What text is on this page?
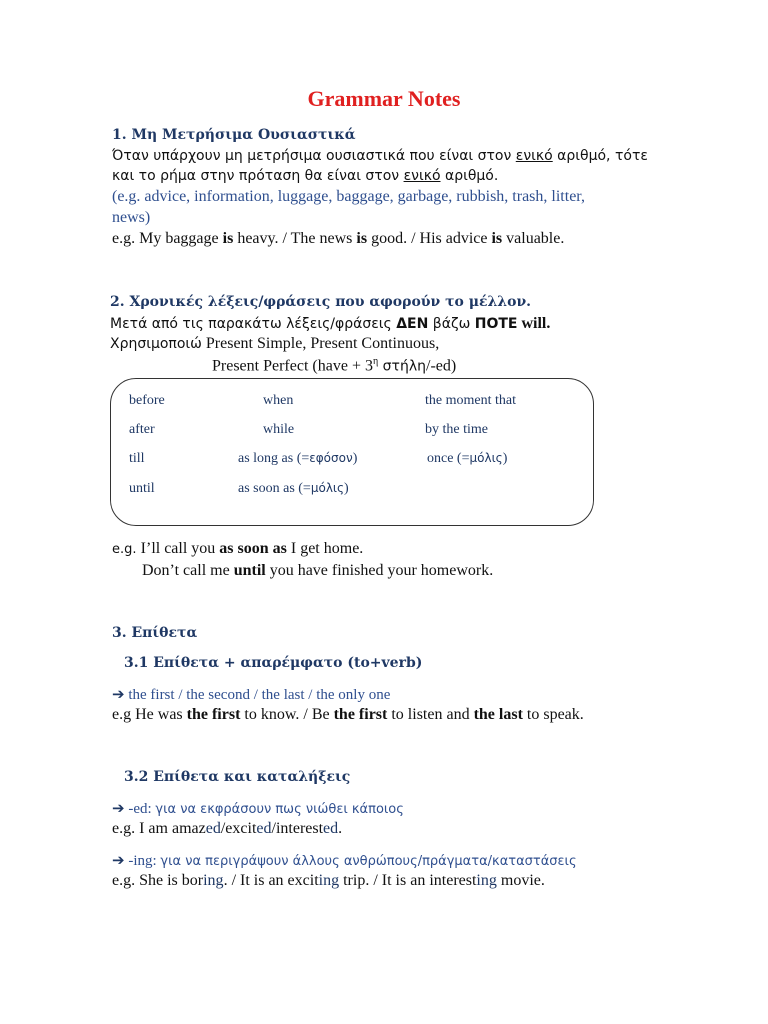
Grammar Notes
1. Μη Μετρήσιμα Ουσιαστικά
Όταν υπάρχουν μη μετρήσιμα ουσιαστικά που είναι στον ενικό αριθμό, τότε
και το ρήμα στην πρόταση θα είναι στον ενικό αριθμό.
(e.g. advice, information, luggage, baggage, garbage, rubbish, trash, litter,
news)
e.g. My baggage is heavy. / The news is good. / His advice is valuable.
2. Χρονικές λέξεις/φράσεις που αφορούν το μέλλον.
Μετά από τις παρακάτω λέξεις/φράσεις ΔΕΝ βάζω ΠΟΤΕ will.
Χρησιμοποιώ Present Simple, Present Continuous,
Present Perfect (have + $3^\eta$ στήλη/-ed)
before	when	the moment that
after	while	by the time
till	as long as (=εφόσον)	once (=μόλις)
until	as soon as (=μόλις)
e.g. I’ll call you as soon as I get home.
Don’t call me until you have finished your homework.
3. Επίθετα
3.1 Επίθετα + απαρέμφατο (to+verb)
➔ the first / the second / the last / the only one
e.g He was the first to know. / Be the first to listen and the last to speak.
3.2 Επίθετα και καταλήξεις
➔ -ed: για να εκφράσουν πως νιώθει κάποιος
e.g. I am amazed/excited/interested.
➔ -ing: για να περιγράψουν άλλους ανθρώπους/πράγματα/καταστάσεις
e.g. She is boring. / It is an exciting trip. / It is an interesting movie.
